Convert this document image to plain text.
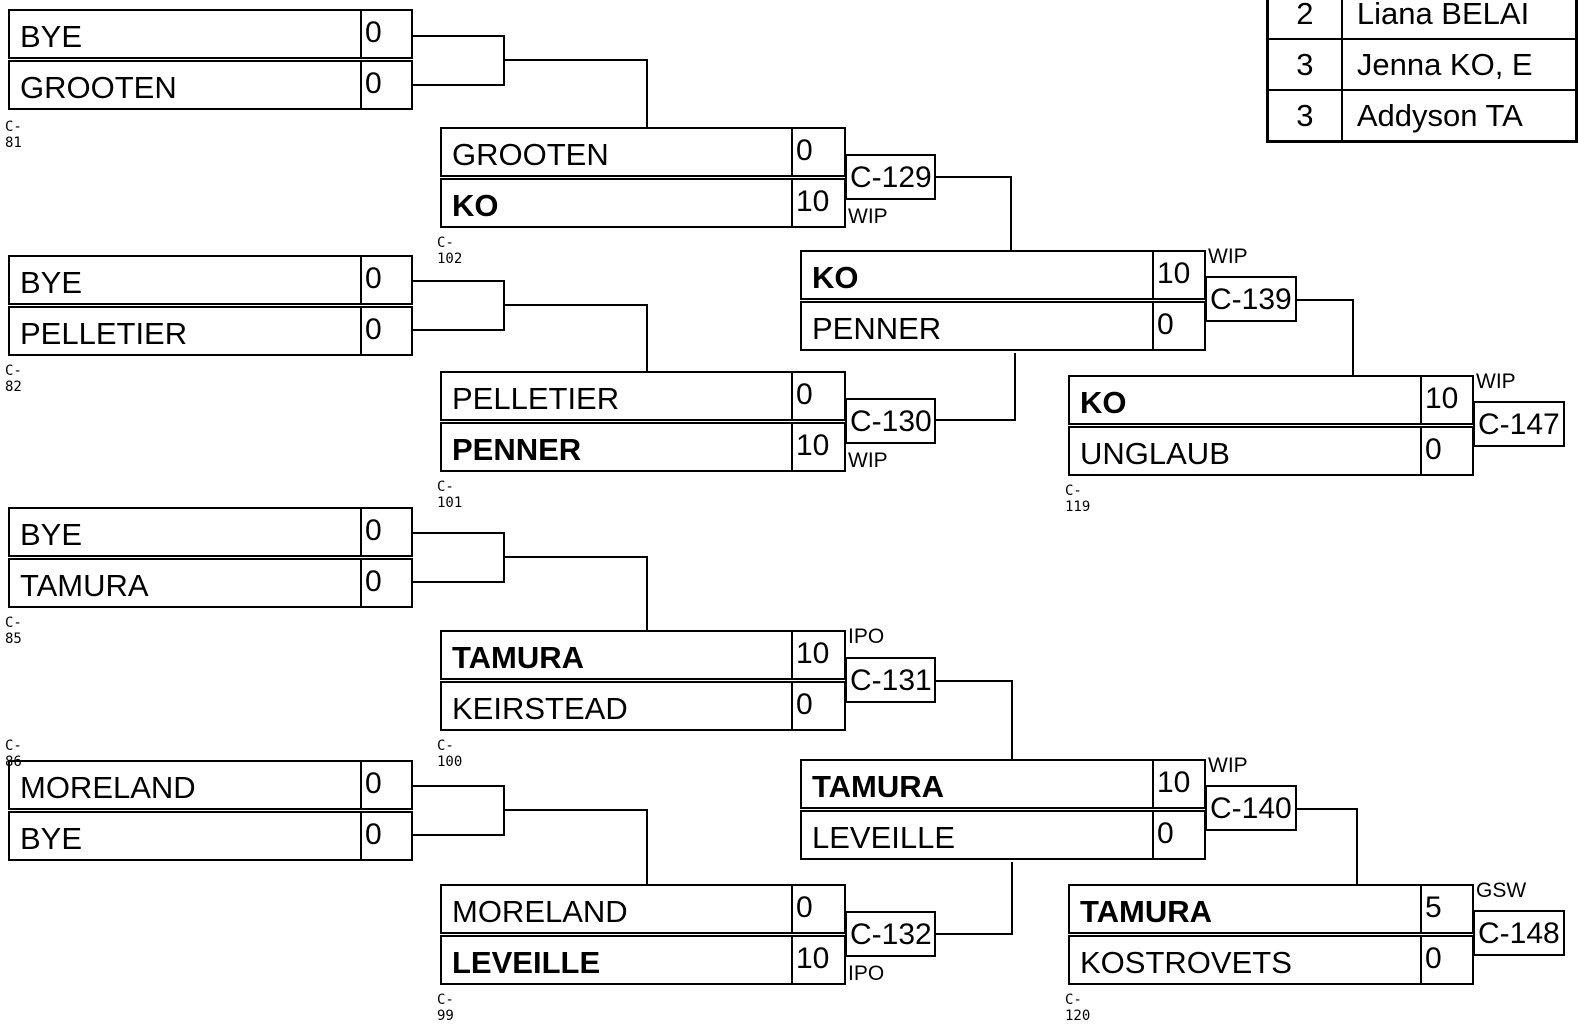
2	Liana BELAI
3	Jenna KO, E
3	Addyson TA
BYE
GROOTEN
0
0
C-81
BYE
PELLETIER
0
0
C-82
BYE
TAMURA
0
0
C-85
MORELAND
BYE
0
0
C-86
GROOTEN
KO
0
10
C-102
C-129
WIP
PELLETIER
PENNER
0
10
C-101
C-130
WIP
TAMURA
KEIRSTEAD
10
0
C-100
C-131
IPO
MORELAND
LEVEILLE
0
10
C-99
C-132
IPO
KO
PENNER
10
0
C-139
WIP
TAMURA
LEVEILLE
10
0
C-140
WIP
KO
UNGLAUB
10
0
C-119
C-147
WIP
TAMURA
KOSTROVETS
5
0
C-120
C-148
GSW
